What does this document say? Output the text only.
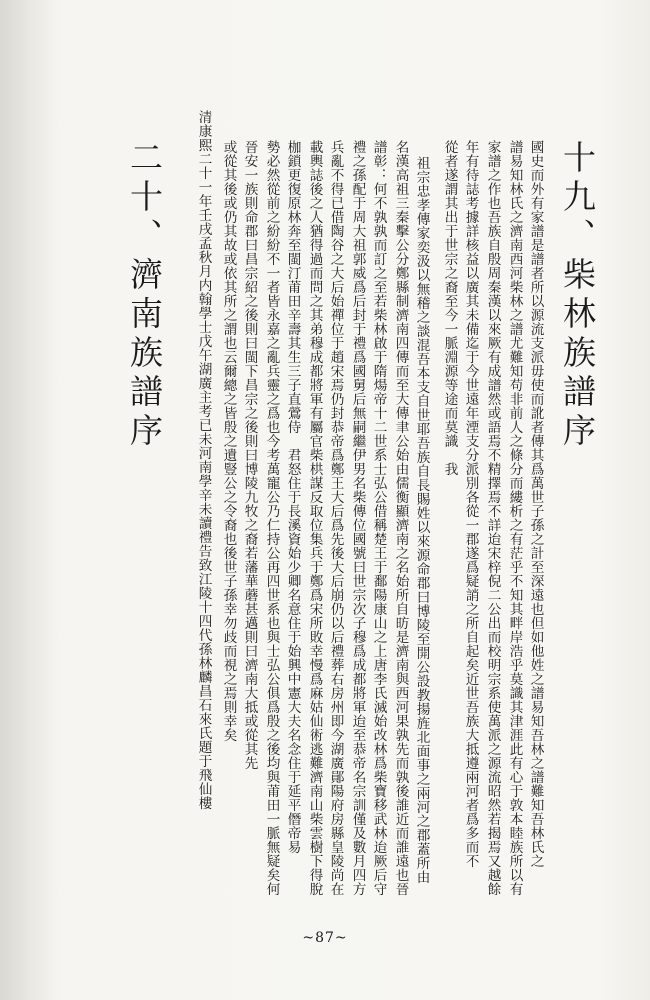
十九、柴林族譜序
國史而外有家譜是譜者所以源流支派毋使而訛者傳其爲萬世子孫之計至深遠也但如他姓之譜易知吾林之譜難知吾林氏之
譜易知林氏之濟南西河柴林之譜尤難知苟非前人之條分而縷析之有茫乎不知其畔岸浩乎莫識其津涯此有心于敦本睦族所以有
家譜之作也吾族自殷周秦漢以來厥有成譜然或語焉不精擇焉不詳迨宋梓倪二公出而校明宗系使萬派之源流昭然若揭焉又越餘
年有待誌考據詳核益以廣其未備迄于今世遠年湮支分派別各從一郡遂爲疑誚之所自起矣近世吾族大抵遵兩河者爲多而不
從者遂謂其出于世宗之裔至今一脈淵源等途而莫識　我
祖宗忠孝傳家奕汲以無稽之談混吾本支自世耶吾族自長賜姓以來源命郡曰博陵至開公設教揚旌北面事之兩河之郡蓋所由
名漢高祖三秦擊公分鄭縣制濟南四傳而至大傳聿公始由儒衡顯濟南之名始所自昉是濟南與西河果孰先而孰後誰近而誰遠也晉
譜彰：何不孰孰而訂之至若柴林啟于隋煬帝十二世系士弘公借稱楚王于鄱陽康山之上唐李氏滅始改林爲柴寶移武林迨厥后守
禮之孫配于周大祖郭威爲后封于禮爲國舅后無嗣繼伊男名柴傳位國號曰世宗次子穆爲成都將軍迨至恭帝名宗訓僅及數月四方
兵亂不得已借陶谷之大后始禪位于趙宋焉仍封恭帝爲鄭王大后爲先後大后崩仍以后禮葬右房州即今湖廣鄖陽府房縣皇陵尚在
載輿誌後之人猶得過而問之其弟穆成都將軍有屬官柴栱謀反取位集兵于鄭爲宋所敗幸慢爲麻姑仙術逃難濟南山柴雲樹下得脫
枷鎖更復原林奔至閩汀莆田辛壽其生三子直鶯侍　君怒住于長溪資始少卿名意住于始興中憲大夫名念住于延平僭帝易
勢必然從前之紛紛不一者皆永嘉之亂兵靈之爲也今考萬寵公乃仁持公再四世系也與士弘公俱爲殷之後均與莆田一脈無疑矣何
晉安一族則命郡曰昌宗紹之後則曰閩下昌宗之後則曰博陵九牧之裔若藩華蘑甚邁則曰濟南大抵或從其先
或從其後或仍其故或依其所之謂也云爾總之皆殷之遺豎公之令裔也後世子孫幸勿歧而視之焉則幸矣
清康熙二十一年壬戌孟秋月内翰學士戊午湖廣主考已未河南學辛未讀禮告致江陵十四代孫林麟昌石來氏題于飛仙樓
二十、濟南族譜序
~87~
